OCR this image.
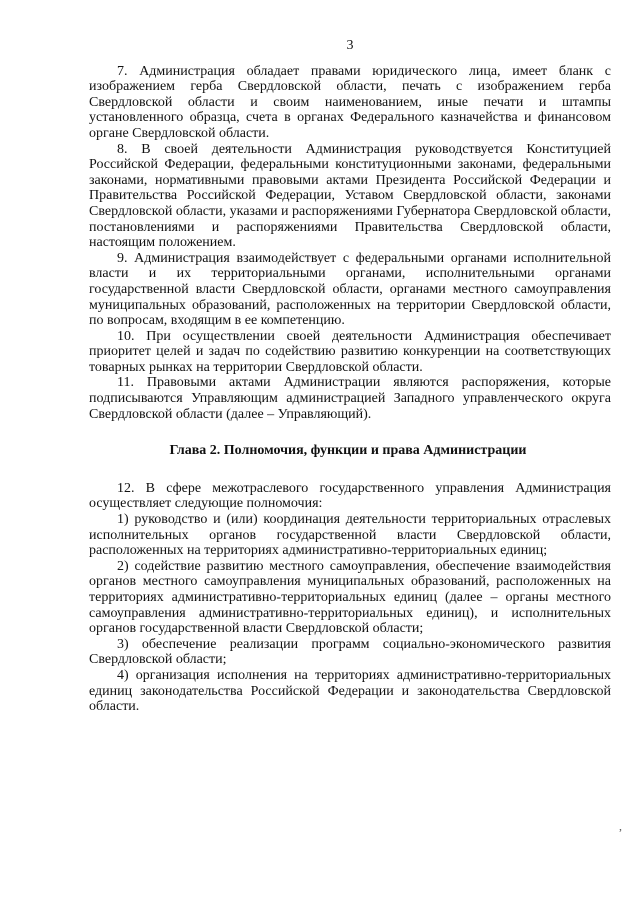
3

7. Администрация обладает правами юридического лица, имеет бланк с изображением герба Свердловской области, печать с изображением герба Свердловской области и своим наименованием, иные печати и штампы установленного образца, счета в органах Федерального казначейства и финансовом органе Свердловской области.

8. В своей деятельности Администрация руководствуется Конституцией Российской Федерации, федеральными конституционными законами, федеральными законами, нормативными правовыми актами Президента Российской Федерации и Правительства Российской Федерации, Уставом Свердловской области, законами Свердловской области, указами и распоряжениями Губернатора Свердловской области, постановлениями и распоряжениями Правительства Свердловской области, настоящим положением.

9. Администрация взаимодействует с федеральными органами исполнительной власти и их территориальными органами, исполнительными органами государственной власти Свердловской области, органами местного самоуправления муниципальных образований, расположенных на территории Свердловской области, по вопросам, входящим в ее компетенцию.

10. При осуществлении своей деятельности Администрация обеспечивает приоритет целей и задач по содействию развитию конкуренции на соответствующих товарных рынках на территории Свердловской области.

11. Правовыми актами Администрации являются распоряжения, которые подписываются Управляющим администрацией Западного управленческого округа Свердловской области (далее – Управляющий).

Глава 2. Полномочия, функции и права Администрации

12. В сфере межотраслевого государственного управления Администрация осуществляет следующие полномочия:

1) руководство и (или) координация деятельности территориальных отраслевых исполнительных органов государственной власти Свердловской области, расположенных на территориях административно-территориальных единиц;

2) содействие развитию местного самоуправления, обеспечение взаимодействия органов местного самоуправления муниципальных образований, расположенных на территориях административно-территориальных единиц (далее – органы местного самоуправления административно-территориальных единиц), и исполнительных органов государственной власти Свердловской области;

3) обеспечение реализации программ социально-экономического развития Свердловской области;

4) организация исполнения на территориях административно-территориальных единиц законодательства Российской Федерации и законодательства Свердловской области.

,
